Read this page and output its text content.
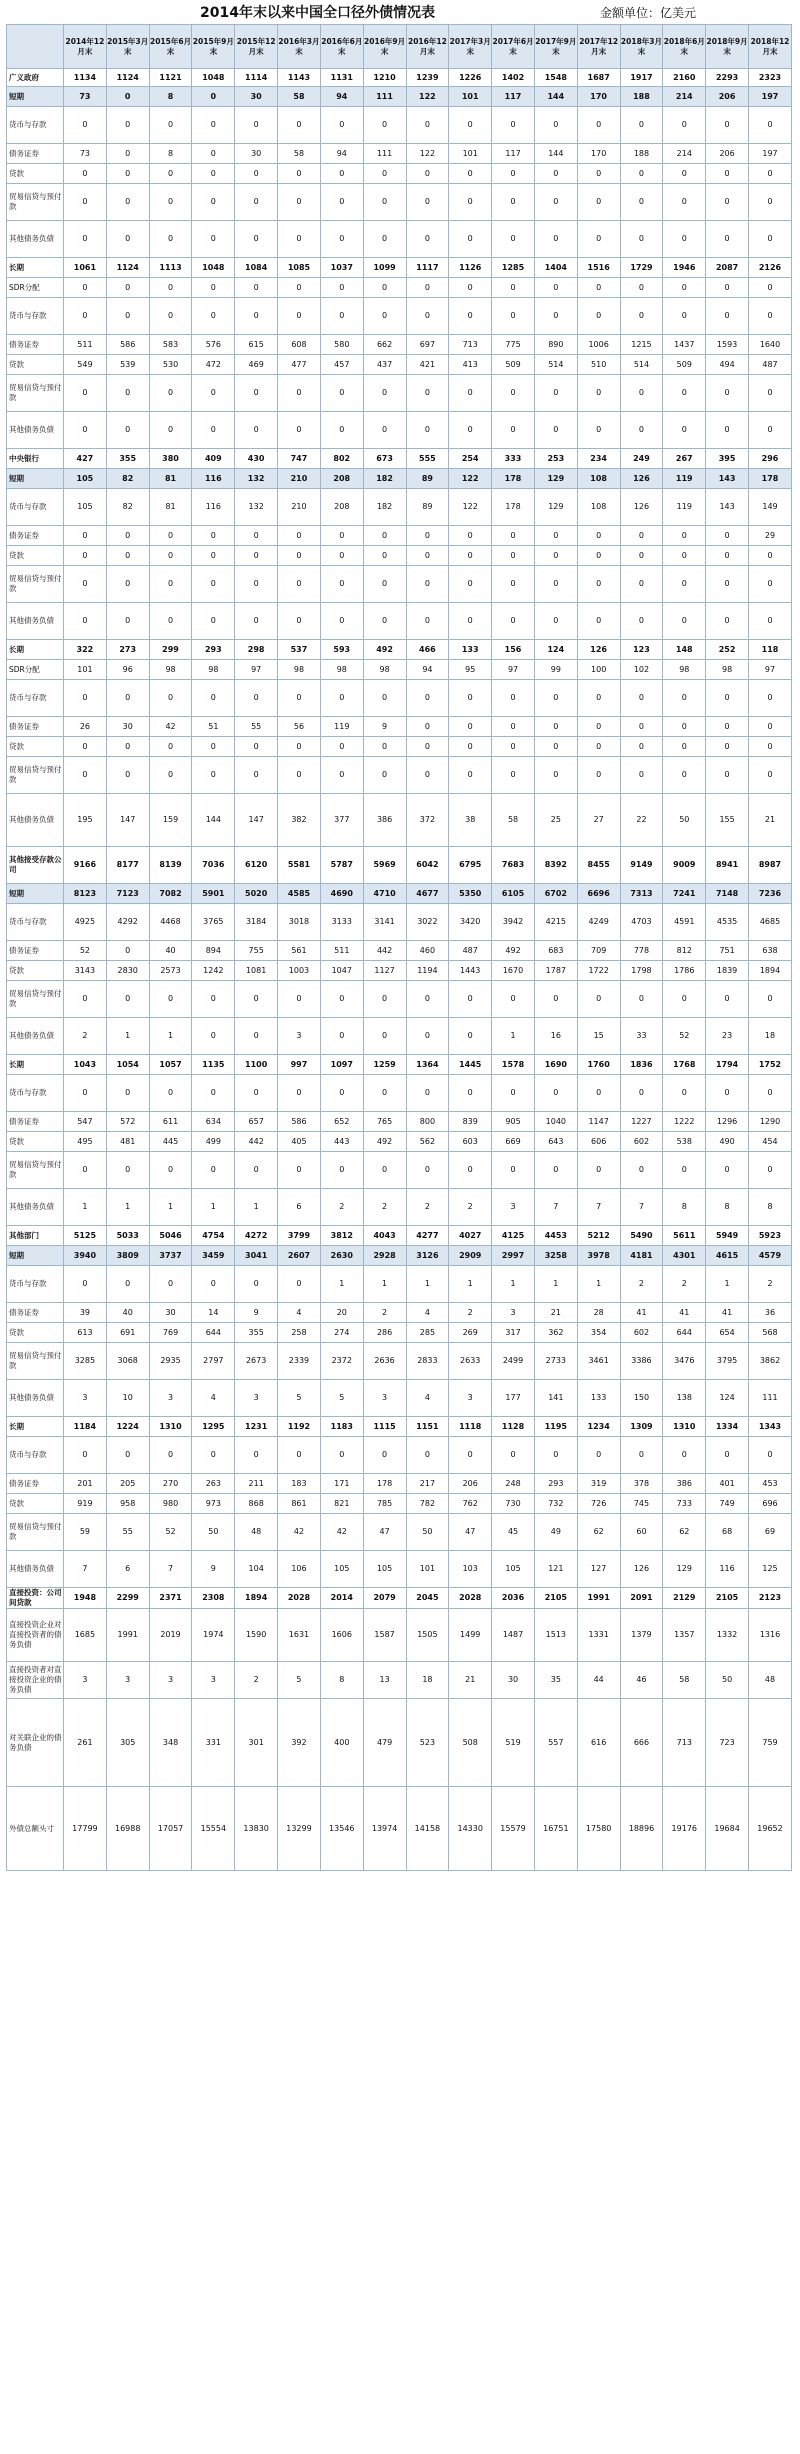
2014年末以来中国全口径外债情况表	金额单位：亿美元
	2014年12月末	2015年3月末	2015年6月末	2015年9月末	2015年12月末	2016年3月末	2016年6月末	2016年9月末	2016年12月末	2017年3月末	2017年6月末	2017年9月末	2017年12月末	2018年3月末	2018年6月末	2018年9月末	2018年12月末
广义政府	1134	1124	1121	1048	1114	1143	1131	1210	1239	1226	1402	1548	1687	1917	2160	2293	2323
短期	73	0	8	0	30	58	94	111	122	101	117	144	170	188	214	206	197
货币与存款	0	0	0	0	0	0	0	0	0	0	0	0	0	0	0	0	0
债务证券	73	0	8	0	30	58	94	111	122	101	117	144	170	188	214	206	197
贷款	0	0	0	0	0	0	0	0	0	0	0	0	0	0	0	0	0
贸易信贷与预付款	0	0	0	0	0	0	0	0	0	0	0	0	0	0	0	0	0
其他债务负债	0	0	0	0	0	0	0	0	0	0	0	0	0	0	0	0	0
长期	1061	1124	1113	1048	1084	1085	1037	1099	1117	1126	1285	1404	1516	1729	1946	2087	2126
SDR分配	0	0	0	0	0	0	0	0	0	0	0	0	0	0	0	0	0
货币与存款	0	0	0	0	0	0	0	0	0	0	0	0	0	0	0	0	0
债务证券	511	586	583	576	615	608	580	662	697	713	775	890	1006	1215	1437	1593	1640
贷款	549	539	530	472	469	477	457	437	421	413	509	514	510	514	509	494	487
贸易信贷与预付款	0	0	0	0	0	0	0	0	0	0	0	0	0	0	0	0	0
其他债务负债	0	0	0	0	0	0	0	0	0	0	0	0	0	0	0	0	0
中央银行	427	355	380	409	430	747	802	673	555	254	333	253	234	249	267	395	296
短期	105	82	81	116	132	210	208	182	89	122	178	129	108	126	119	143	178
货币与存款	105	82	81	116	132	210	208	182	89	122	178	129	108	126	119	143	149
债务证券	0	0	0	0	0	0	0	0	0	0	0	0	0	0	0	0	29
贷款	0	0	0	0	0	0	0	0	0	0	0	0	0	0	0	0	0
贸易信贷与预付款	0	0	0	0	0	0	0	0	0	0	0	0	0	0	0	0	0
其他债务负债	0	0	0	0	0	0	0	0	0	0	0	0	0	0	0	0	0
长期	322	273	299	293	298	537	593	492	466	133	156	124	126	123	148	252	118
SDR分配	101	96	98	98	97	98	98	98	94	95	97	99	100	102	98	98	97
货币与存款	0	0	0	0	0	0	0	0	0	0	0	0	0	0	0	0	0
债务证券	26	30	42	51	55	56	119	9	0	0	0	0	0	0	0	0	0
贷款	0	0	0	0	0	0	0	0	0	0	0	0	0	0	0	0	0
贸易信贷与预付款	0	0	0	0	0	0	0	0	0	0	0	0	0	0	0	0	0
其他债务负债	195	147	159	144	147	382	377	386	372	38	58	25	27	22	50	155	21
其他接受存款公司	9166	8177	8139	7036	6120	5581	5787	5969	6042	6795	7683	8392	8455	9149	9009	8941	8987
短期	8123	7123	7082	5901	5020	4585	4690	4710	4677	5350	6105	6702	6696	7313	7241	7148	7236
货币与存款	4925	4292	4468	3765	3184	3018	3133	3141	3022	3420	3942	4215	4249	4703	4591	4535	4685
债务证券	52	0	40	894	755	561	511	442	460	487	492	683	709	778	812	751	638
贷款	3143	2830	2573	1242	1081	1003	1047	1127	1194	1443	1670	1787	1722	1798	1786	1839	1894
贸易信贷与预付款	0	0	0	0	0	0	0	0	0	0	0	0	0	0	0	0	0
其他债务负债	2	1	1	0	0	3	0	0	0	0	1	16	15	33	52	23	18
长期	1043	1054	1057	1135	1100	997	1097	1259	1364	1445	1578	1690	1760	1836	1768	1794	1752
货币与存款	0	0	0	0	0	0	0	0	0	0	0	0	0	0	0	0	0
债务证券	547	572	611	634	657	586	652	765	800	839	905	1040	1147	1227	1222	1296	1290
贷款	495	481	445	499	442	405	443	492	562	603	669	643	606	602	538	490	454
贸易信贷与预付款	0	0	0	0	0	0	0	0	0	0	0	0	0	0	0	0	0
其他债务负债	1	1	1	1	1	6	2	2	2	2	3	7	7	7	8	8	8
其他部门	5125	5033	5046	4754	4272	3799	3812	4043	4277	4027	4125	4453	5212	5490	5611	5949	5923
短期	3940	3809	3737	3459	3041	2607	2630	2928	3126	2909	2997	3258	3978	4181	4301	4615	4579
货币与存款	0	0	0	0	0	0	1	1	1	1	1	1	1	2	2	1	2
债务证券	39	40	30	14	9	4	20	2	4	2	3	21	28	41	41	41	36
贷款	613	691	769	644	355	258	274	286	285	269	317	362	354	602	644	654	568
贸易信贷与预付款	3285	3068	2935	2797	2673	2339	2372	2636	2833	2633	2499	2733	3461	3386	3476	3795	3862
其他债务负债	3	10	3	4	3	5	5	3	4	3	177	141	133	150	138	124	111
长期	1184	1224	1310	1295	1231	1192	1183	1115	1151	1118	1128	1195	1234	1309	1310	1334	1343
货币与存款	0	0	0	0	0	0	0	0	0	0	0	0	0	0	0	0	0
债务证券	201	205	270	263	211	183	171	178	217	206	248	293	319	378	386	401	453
贷款	919	958	980	973	868	861	821	785	782	762	730	732	726	745	733	749	696
贸易信贷与预付款	59	55	52	50	48	42	42	47	50	47	45	49	62	60	62	68	69
其他债务负债	7	6	7	9	104	106	105	105	101	103	105	121	127	126	129	116	125
直接投资：公司间贷款	1948	2299	2371	2308	1894	2028	2014	2079	2045	2028	2036	2105	1991	2091	2129	2105	2123
直接投资企业对直接投资者的债务负债	1685	1991	2019	1974	1590	1631	1606	1587	1505	1499	1487	1513	1331	1379	1357	1332	1316
直接投资者对直接投资企业的债务负债	3	3	3	3	2	5	8	13	18	21	30	35	44	46	58	50	48
对关联企业的债务负债	261	305	348	331	301	392	400	479	523	508	519	557	616	666	713	723	759
外债总额头寸	17799	16988	17057	15554	13830	13299	13546	13974	14158	14330	15579	16751	17580	18896	19176	19684	19652
